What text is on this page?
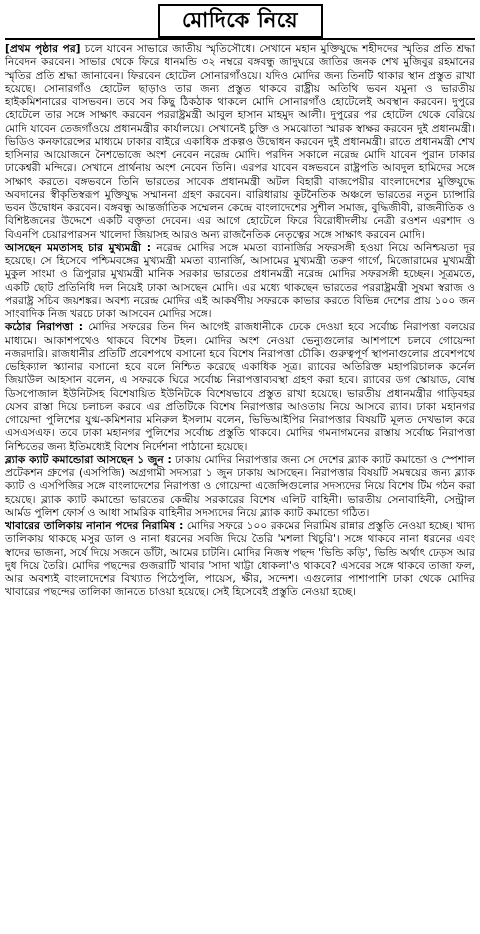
মোদিকে নিয়ে

[প্রথম পৃষ্ঠার পর] চলে যাবেন সাভারে জাতীয় স্মৃতিসৌধে। সেখানে মহান মুক্তিযুদ্ধে শহীদদের স্মৃতির প্রতি শ্রদ্ধা নিবেদন করবেন। সাভার থেকে ফিরে ধানমন্ডি ৩২ নম্বরে বঙ্গবন্ধু জাদুঘরে জাতির জনক শেখ মুজিবুর রহমানের স্মৃতির প্রতি শ্রদ্ধা জানাবেন। ফিরবেন হোটেল সোনারগাঁওয়ে। যদিও মোদির জন্য তিনটি থাকার স্থান প্রস্তুত রাখা হয়েছে। সোনারগাঁও হোটেল ছাড়াও তার জন্য প্রস্তুত থাকবে রাষ্ট্রীয় অতিথি ভবন যমুনা ও ভারতীয় হাইকমিশনারের বাসভবন। তবে সব কিছু ঠিকঠাক থাকলে মোদি সোনারগাঁও হোটেলেই অবস্থান করবেন। দুপুরে হোটেলে তার সঙ্গে সাক্ষাৎ করবেন পররাষ্ট্রমন্ত্রী আবুল হাসান মাহমুদ আলী। দুপুরের পর হোটেল থেকে বেরিয়ে মোদি যাবেন তেজগাঁওয়ে প্রধানমন্ত্রীর কার্যালয়ে। সেখানেই চুক্তি ও সমঝোতা স্মারক স্বাক্ষর করবেন দুই প্রধানমন্ত্রী। ভিডিও কনফারেন্সের মাধ্যমে ঢাকার বাইরে একাধিক প্রকল্পও উদ্বোধন করবেন দুই প্রধানমন্ত্রী। রাতে প্রধানমন্ত্রী শেখ হাসিনার আয়োজনে নৈশভোজে অংশ নেবেন নরেন্দ্র মোদি। পরদিন সকালে নরেন্দ্র মোদি যাবেন পুরান ঢাকার ঢাকেশ্বরী মন্দিরে। সেখানে প্রার্থনায় অংশ নেবেন তিনি। এরপর যাবেন বঙ্গভবনে রাষ্ট্রপতি আবদুল হামিদের সঙ্গে সাক্ষাৎ করতে। বঙ্গভবনে তিনি ভারতের সাবেক প্রধানমন্ত্রী অটল বিহারী বাজপেয়ীর বাংলাদেশের মুক্তিযুদ্ধে অবদানের স্বীকৃতিস্বরূপ মুক্তিযুদ্ধ সম্মাননা গ্রহণ করবেন। বারিধারায় কূটনৈতিক অঞ্চলে ভারতের নতুন চ্যান্সারি ভবন উদ্বোধন করবেন। বঙ্গবন্ধু আন্তর্জাতিক সম্মেলন কেন্দ্রে বাংলাদেশের সুশীল সমাজ, বুদ্ধিজীবী, রাজনীতিক ও বিশিষ্টজনের উদ্দেশে একটি বক্তৃতা দেবেন। এর আগে হোটেলে ফিরে বিরোধীদলীয় নেত্রী রওশন এরশাদ ও বিএনপি চেয়ারপারসন খালেদা জিয়াসহ আরও অন্য রাজনৈতিক নেতৃত্বের সঙ্গে সাক্ষাৎ করবেন মোদি।

আসছেন মমতাসহ চার মুখ্যমন্ত্রী : নরেন্দ্র মোদির সঙ্গে মমতা ব্যানার্জির সফরসঙ্গী হওয়া নিয়ে অনিশ্চয়তা দূর হয়েছে। সে হিসেবে পশ্চিমবঙ্গের মুখ্যমন্ত্রী মমতা ব্যানার্জি, আসামের মুখ্যমন্ত্রী তরুণ গার্গে, মিজোরামের মুখ্যমন্ত্রী মুকুল সাংমা ও ত্রিপুরার মুখ্যমন্ত্রী মানিক সরকার ভারতের প্রধানমন্ত্রী নরেন্দ্র মোদির সফরসঙ্গী হচ্ছেন। সূত্রমতে, একটি ছোট প্রতিনিধি দল নিয়েই ঢাকা আসছেন মোদি। এর মধ্যে থাকছেন ভারতের পররাষ্ট্রমন্ত্রী সুষমা স্বরাজ ও পররাষ্ট্র সচিব জয়শঙ্কর। অবশ্য নরেন্দ্র মোদির এই আকর্ষণীয় সফরকে কাভার করতে বিভিন্ন দেশের প্রায় ১০০ জন সাংবাদিক নিজ খরচে ঢাকা আসবেন মোদির সঙ্গে।

কঠোর নিরাপত্তা : মোদির সফরের তিন দিন আগেই রাজধানীকে ঢেকে দেওয়া হবে সর্বোচ্চ নিরাপত্তা বলয়ের মাধ্যমে। আকাশপথেও থাকবে বিশেষ টহল। মোদির অংশ নেওয়া ভেন্যুগুলোর আশপাশে চলবে গোয়েন্দা নজরদারি। রাজধানীর প্রতিটি প্রবেশপথে বসানো হবে বিশেষ নিরাপত্তা চৌকি। গুরুত্বপূর্ণ স্থাপনাগুলোর প্রবেশপথে ভেহিক্যাল স্ক্যানার বসানো হবে বলে নিশ্চিত করেছে একাধিক সূত্র। র‍্যাবের অতিরিক্ত মহাপরিচালক কর্নেল জিয়াউল আহসান বলেন, এ সফরকে ঘিরে সর্বোচ্চ নিরাপত্তাব্যবস্থা গ্রহণ করা হবে। র‍্যাবের ডগ স্কোয়াড, বোম্ব ডিসপোজাল ইউনিটসহ বিশেষায়িত ইউনিটকে বিশেষভাবে প্রস্তুত রাখা হয়েছে। ভারতীয় প্রধানমন্ত্রীর গাড়িবহর যেসব রাস্তা দিয়ে চলাচল করবে এর প্রতিটিকে বিশেষ নিরাপত্তার আওতায় নিয়ে আসবে র‍্যাব। ঢাকা মহানগর গোয়েন্দা পুলিশের যুগ্ম-কমিশনার মনিরুল ইসলাম বলেন, ভিভিআইপির নিরাপত্তার বিষয়টি মূলত দেখভাল করে এসএসএফ। তবে ঢাকা মহানগর পুলিশের সর্বোচ্চ প্রস্তুতি থাকবে। মোদির গমনাগমনের রাস্তায় সর্বোচ্চ নিরাপত্তা নিশ্চিতের জন্য ইতিমধ্যেই বিশেষ নির্দেশনা পাঠানো হয়েছে।

ব্ল্যাক ক্যাট কমান্ডোরা আসছেন ১ জুন : ঢাকায় মোদির নিরাপত্তার জন্য সে দেশের ব্ল্যাক ক্যাট কমান্ডো ও স্পেশাল প্রটেকশন গ্রুপের (এসপিজি) অগ্রগামী সদস্যরা ১ জুন ঢাকায় আসছেন। নিরাপত্তার বিষয়টি সমন্বয়ের জন্য ব্ল্যাক ক্যাট ও এসপিজির সঙ্গে বাংলাদেশের নিরাপত্তা ও গোয়েন্দা এজেন্সিগুলোর সদস্যদের নিয়ে বিশেষ টিম গঠন করা হয়েছে। ব্ল্যাক ক্যাট কমান্ডো ভারতের কেন্দ্রীয় সরকারের বিশেষ এলিট বাহিনী। ভারতীয় সেনাবাহিনী, সেন্ট্রাল আর্মড পুলিশ ফোর্স ও আধা সামরিক বাহিনীর সদস্যদের নিয়ে ব্ল্যাক ক্যাট কমান্ডো গঠিত।

খাবারের তালিকায় নানান পদের নিরামিষ : মোদির সফরে ১০০ রকমের নিরামিষ রান্নার প্রস্তুতি নেওয়া হচ্ছে। খাদ্য তালিকায় থাকছে মসুর ডাল ও নানা ধরনের সবজি দিয়ে তৈরি 'মশলা খিচুরি'। সঙ্গে থাকবে নানা ধরনের এবং স্বাদের ভাজনা, সর্ষে দিয়ে সজনে ডাঁটা, আমের চাটনি। মোদির নিজস্ব পছন্দ 'ভিন্ডি কড়ি', ভিন্ডি অর্থাৎ ঢেড়স আর দুধ দিয়ে তৈরি। মোদির পছন্দের গুজরাটি খাবার 'সাদা খাট্টা ধোকলা'ও থাকবে? এসবের সঙ্গে থাকবে তাজা ফল, আর অবশ্যই বাংলাদেশের বিখ্যাত পিঠেপুলি, পায়েস, ক্ষীর, সন্দেশ। এগুলোর পাশাপাশি ঢাকা থেকে মোদির খাবারের পছন্দের তালিকা জানতে চাওয়া হয়েছে। সেই হিসেবেই প্রস্তুতি নেওয়া হচ্ছে।
